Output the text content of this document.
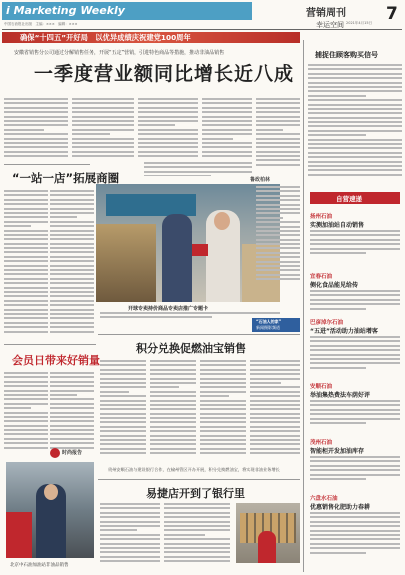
i Marketing Weekly	营销周刊
幸运空间
7
中国石油报社出版　主编：×××　编辑：×××	2021年4月15日
确保“十四五”开好局　以优异成绩庆祝建党100周年
安徽省销售分公司通过分解销售任务，开展“五定”营销，引进特色商品等措施，推动非油品销售
一季度营业额同比增长近八成
开球专卖持价商品专卖店推广专题卡
鲁政柏林
“石油人的家”
新闻摄影频道
“一站一店”拓展商圈
会员日带来好销量
时尚报告
北京中石油加油站非油品销售
积分兑换促燃油宝销售
贵州安顺石油与建设银行合作，在榆州管区开办开展，积分兑换燃油宝，将实现非油业务增长
易捷店开到了银行里
捕捉住顾客购买信号
自营速递
扬州石油
实测加油站自动销售
宜春石油
侧化食品能见给传
巴彦淖尔石油
“五进”活动助力油站增客
安顺石油
举油集热费法车荫好评
茂州石油
智能柜开发加油库存
六盘水石油
优惠销售化肥助力春耕
